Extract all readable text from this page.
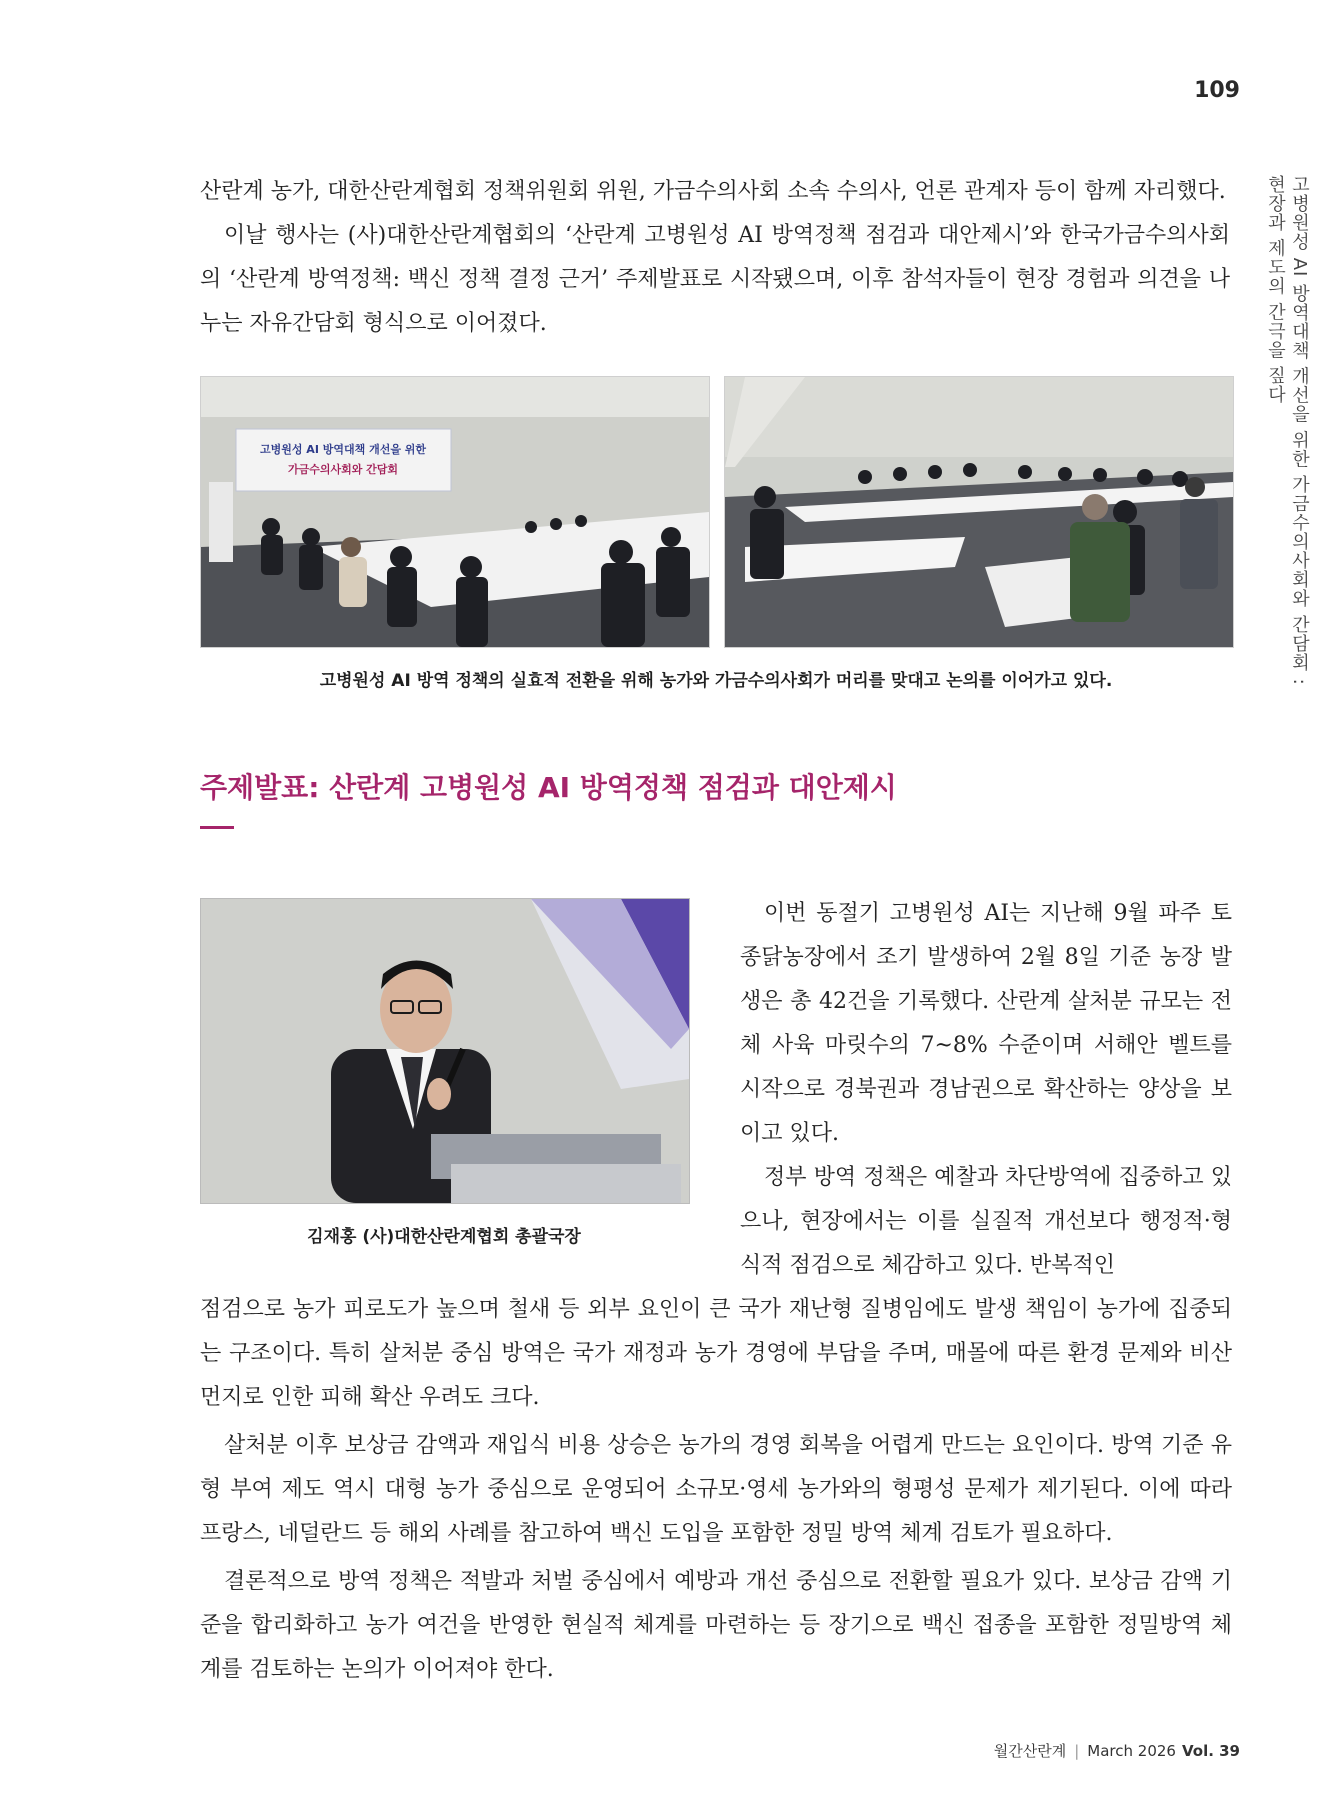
109
고병원성 AI 방역대책 개선을 위한 가금수의사회와 간담회 :
현장과 제도의 간극을 짚다

산란계 농가, 대한산란계협회 정책위원회 위원, 가금수의사회 소속 수의사, 언론 관계자 등이 함께 자리했다.

이날 행사는 (사)대한산란계협회의 ‘산란계 고병원성 AI 방역정책 점검과 대안제시’와 한국가금수의사회의 ‘산란계 방역정책: 백신 정책 결정 근거’ 주제발표로 시작됐으며, 이후 참석자들이 현장 경험과 의견을 나누는 자유간담회 형식으로 이어졌다.

고병원성 AI 방역대책 개선을 위한
가금수의사회와 간담회
고병원성 AI 방역 정책의 실효적 전환을 위해 농가와 가금수의사회가 머리를 맞대고 논의를 이어가고 있다.
주제발표: 산란계 고병원성 AI 방역정책 점검과 대안제시
김재홍 (사)대한산란계협회 총괄국장

이번 동절기 고병원성 AI는 지난해 9월 파주 토종닭농장에서 조기 발생하여 2월 8일 기준 농장 발생은 총 42건을 기록했다. 산란계 살처분 규모는 전체 사육 마릿수의 7~8% 수준이며 서해안 벨트를 시작으로 경북권과 경남권으로 확산하는 양상을 보이고 있다.

정부 방역 정책은 예찰과 차단방역에 집중하고 있으나, 현장에서는 이를 실질적 개선보다 행정적·형식적 점검으로 체감하고 있다. 반복적인

점검으로 농가 피로도가 높으며 철새 등 외부 요인이 큰 국가 재난형 질병임에도 발생 책임이 농가에 집중되는 구조이다. 특히 살처분 중심 방역은 국가 재정과 농가 경영에 부담을 주며, 매몰에 따른 환경 문제와 비산먼지로 인한 피해 확산 우려도 크다.

살처분 이후 보상금 감액과 재입식 비용 상승은 농가의 경영 회복을 어렵게 만드는 요인이다. 방역 기준 유형 부여 제도 역시 대형 농가 중심으로 운영되어 소규모·영세 농가와의 형평성 문제가 제기된다. 이에 따라 프랑스, 네덜란드 등 해외 사례를 참고하여 백신 도입을 포함한 정밀 방역 체계 검토가 필요하다.

결론적으로 방역 정책은 적발과 처벌 중심에서 예방과 개선 중심으로 전환할 필요가 있다. 보상금 감액 기준을 합리화하고 농가 여건을 반영한 현실적 체계를 마련하는 등 장기으로 백신 접종을 포함한 정밀방역 체계를 검토하는 논의가 이어져야 한다.

월간산란계 | March 2026 Vol. 39
